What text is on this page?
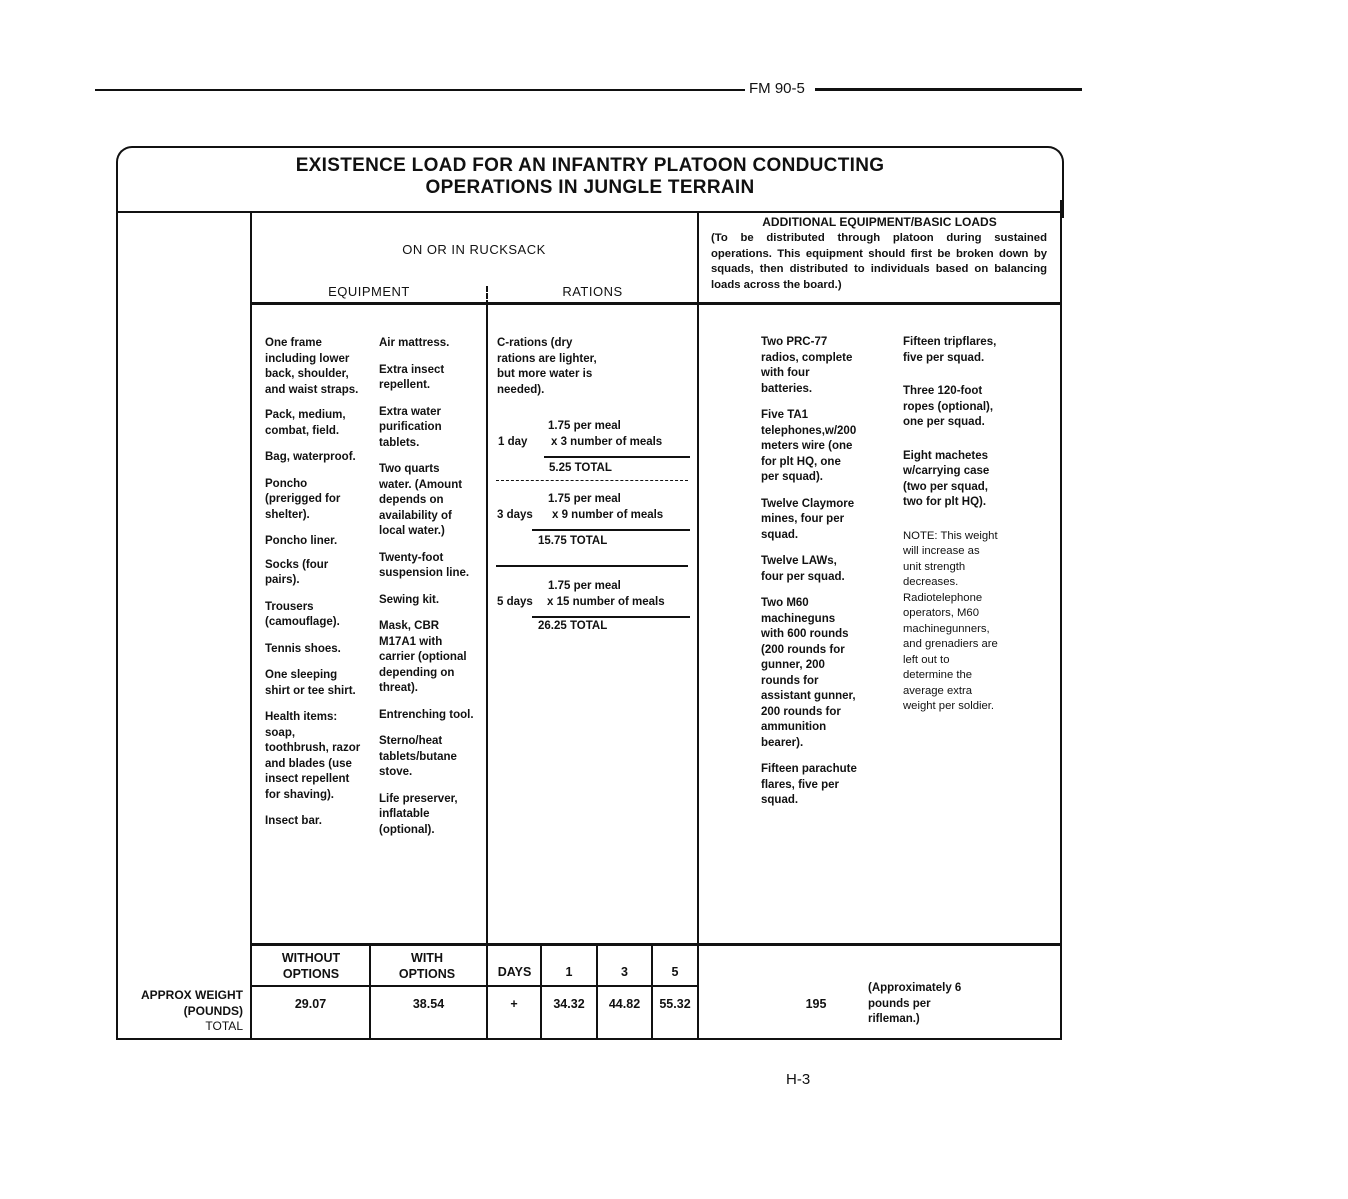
FM 90-5
EXISTENCE LOAD FOR AN INFANTRY PLATOON CONDUCTING
OPERATIONS IN JUNGLE TERRAIN
ON OR IN RUCKSACK
EQUIPMENT	RATIONS
ADDITIONAL EQUIPMENT/BASIC LOADS
(To be distributed through platoon during sustained operations. This equipment should first be broken down by squads, then distributed to individuals based on balancing loads across the board.)

One frame including lower back, shoulder, and waist straps.

Pack, medium, combat, field.

Bag, waterproof.

Poncho (prerigged for shelter).

Poncho liner.

Socks (four pairs).

Trousers (camouflage).

Tennis shoes.

One sleeping shirt or tee shirt.

Health items: soap, toothbrush, razor and blades (use insect repellent for shaving).

Insect bar.

Air mattress.

Extra insect repellent.

Extra water purification tablets.

Two quarts water. (Amount depends on availability of local water.)

Twenty-foot suspension line.

Sewing kit.

Mask, CBR M17A1 with carrier (optional depending on threat).

Entrenching tool.

Sterno/heat tablets/butane stove.

Life preserver, inflatable (optional).

C-rations (dry rations are lighter, but more water is needed).
1.75 per meal
1 day x 3 number of meals
5.25 TOTAL
1.75 per meal
3 days x 9 number of meals
15.75 TOTAL
1.75 per meal
5 days x 15 number of meals
26.25 TOTAL

Two PRC-77 radios, complete with four batteries.

Five TA1 telephones,w/200 meters wire (one for plt HQ, one per squad).

Twelve Claymore mines, four per squad.

Twelve LAWs, four per squad.

Two M60 machineguns with 600 rounds (200 rounds for gunner, 200 rounds for assistant gunner, 200 rounds for ammunition bearer).

Fifteen parachute flares, five per squad.

Fifteen tripflares, five per squad.

Three 120-foot ropes (optional), one per squad.

Eight machetes w/carrying case (two per squad, two for plt HQ).

NOTE: This weight will increase as unit strength decreases. Radiotelephone operators, M60 machinegunners, and grenadiers are left out to determine the average extra weight per soldier.

WITHOUT OPTIONS
WITH OPTIONS	DAYS	1	3	5
APPROX WEIGHT
(POUNDS)
TOTAL
29.07	38.54	+	34.32	44.82	55.32	195
(Approximately 6 pounds per rifleman.)
H-3
